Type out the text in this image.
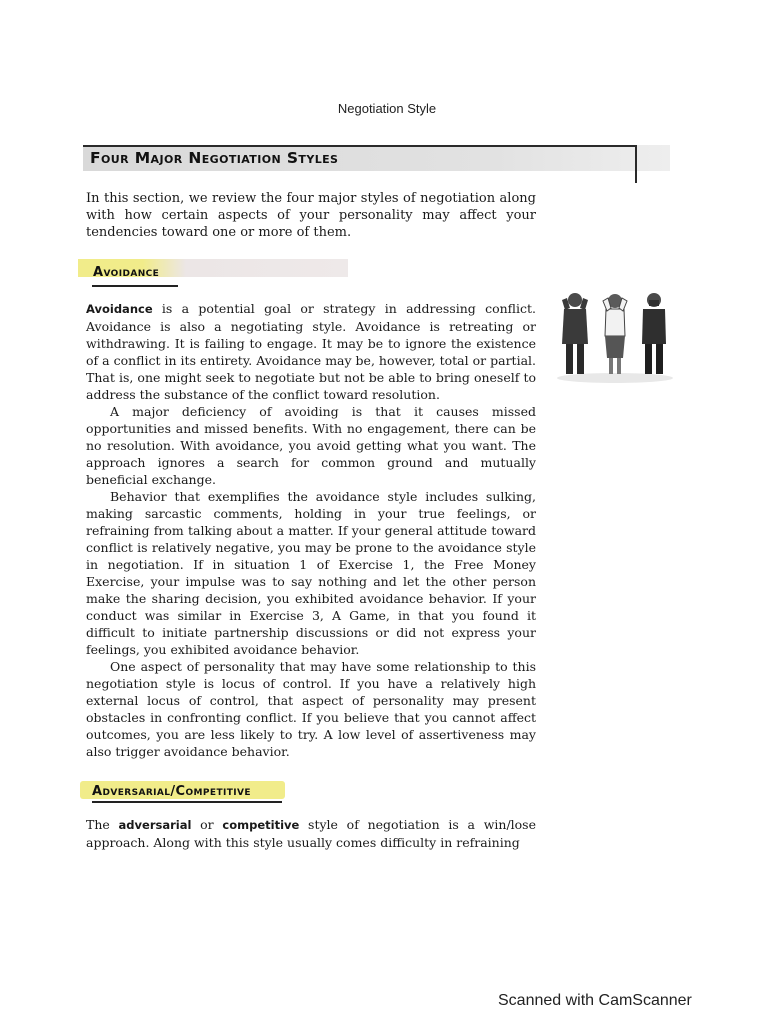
Negotiation Style
Four Major Negotiation Styles

In this section, we review the four major styles of negotiation along with how certain aspects of your personality may affect your tendencies toward one or more of them.

Avoidance

Avoidance is a potential goal or strategy in addressing conflict. Avoidance is also a negotiating style. Avoidance is retreating or withdrawing. It is failing to engage. It may be to ignore the existence of a conflict in its entirety. Avoidance may be, however, total or partial. That is, one might seek to negotiate but not be able to bring oneself to address the substance of the conflict toward resolution.

A major deficiency of avoiding is that it causes missed opportunities and missed benefits. With no engagement, there can be no resolution. With avoidance, you avoid getting what you want. The approach ignores a search for common ground and mutually beneficial exchange.

Behavior that exemplifies the avoidance style includes sulking, making sarcastic comments, holding in your true feelings, or refraining from talking about a matter. If your general attitude toward conflict is relatively negative, you may be prone to the avoidance style in negotiation. If in situation 1 of Exercise 1, the Free Money Exercise, your impulse was to say nothing and let the other person make the sharing decision, you exhibited avoidance behavior. If your conduct was similar in Exercise 3, A Game, in that you found it difficult to initiate partnership discussions or did not express your feelings, you exhibited avoidance behavior.

One aspect of personality that may have some relationship to this negotiation style is locus of control. If you have a relatively high external locus of control, that aspect of personality may present obstacles in confronting conflict. If you believe that you cannot affect outcomes, you are less likely to try. A low level of assertiveness may also trigger avoidance behavior.

Adversarial/Competitive

The adversarial or competitive style of negotiation is a win/lose approach. Along with this style usually comes difficulty in refraining

Scanned with CamScanner
